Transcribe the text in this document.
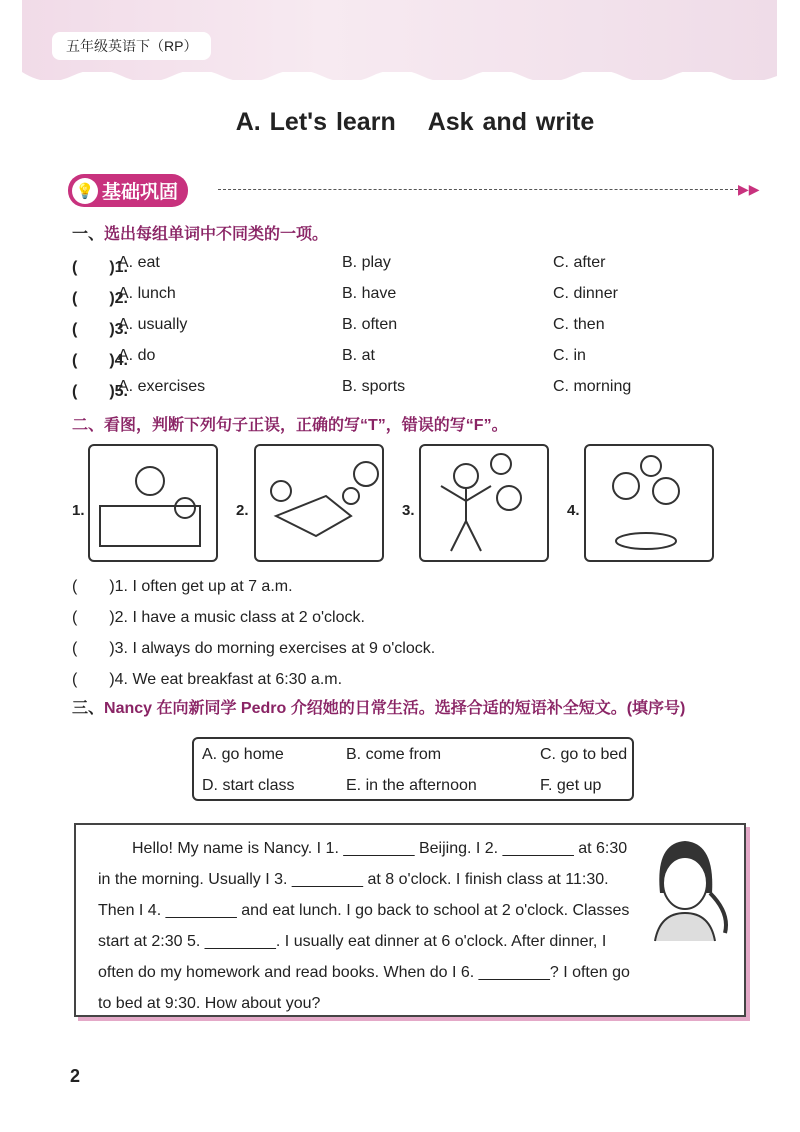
五年级英语下（RP）
A. Let's learn Ask and write
💡 基础巩固	▶▶
一、选出每组单词中不同类的一项。
(　　)1.
A. eat	B. play	C. after
(　　)2.
A. lunch	B. have	C. dinner
(　　)3.
A. usually	B. often	C. then
(　　)4.
A. do	B. at	C. in
(　　)5.
A. exercises	B. sports	C. morning
二、看图，判断下列句子正误，正确的写“T”，错误的写“F”。
1.	2.	3.	4.
(　　)1. I often get up at 7 a.m.
(　　)2. I have a music class at 2 o'clock.
(　　)3. I always do morning exercises at 9 o'clock.
(　　)4. We eat breakfast at 6:30 a.m.
三、Nancy 在向新同学 Pedro 介绍她的日常生活。选择合适的短语补全短文。(填序号)
A. go home	B. come from	C. go to bed
D. start class	E. in the afternoon	F. get up

Hello! My name is Nancy. I 1. ________ Beijing. I 2. ________ at 6:30 in the morning. Usually I 3. ________ at 8 o'clock. I finish class at 11:30. Then I 4. ________ and eat lunch. I go back to school at 2 o'clock. Classes start at 2:30 5. ________. I usually eat dinner at 6 o'clock. After dinner, I often do my homework and read books. When do I 6. ________? I often go to bed at 9:30. How about you?

2
